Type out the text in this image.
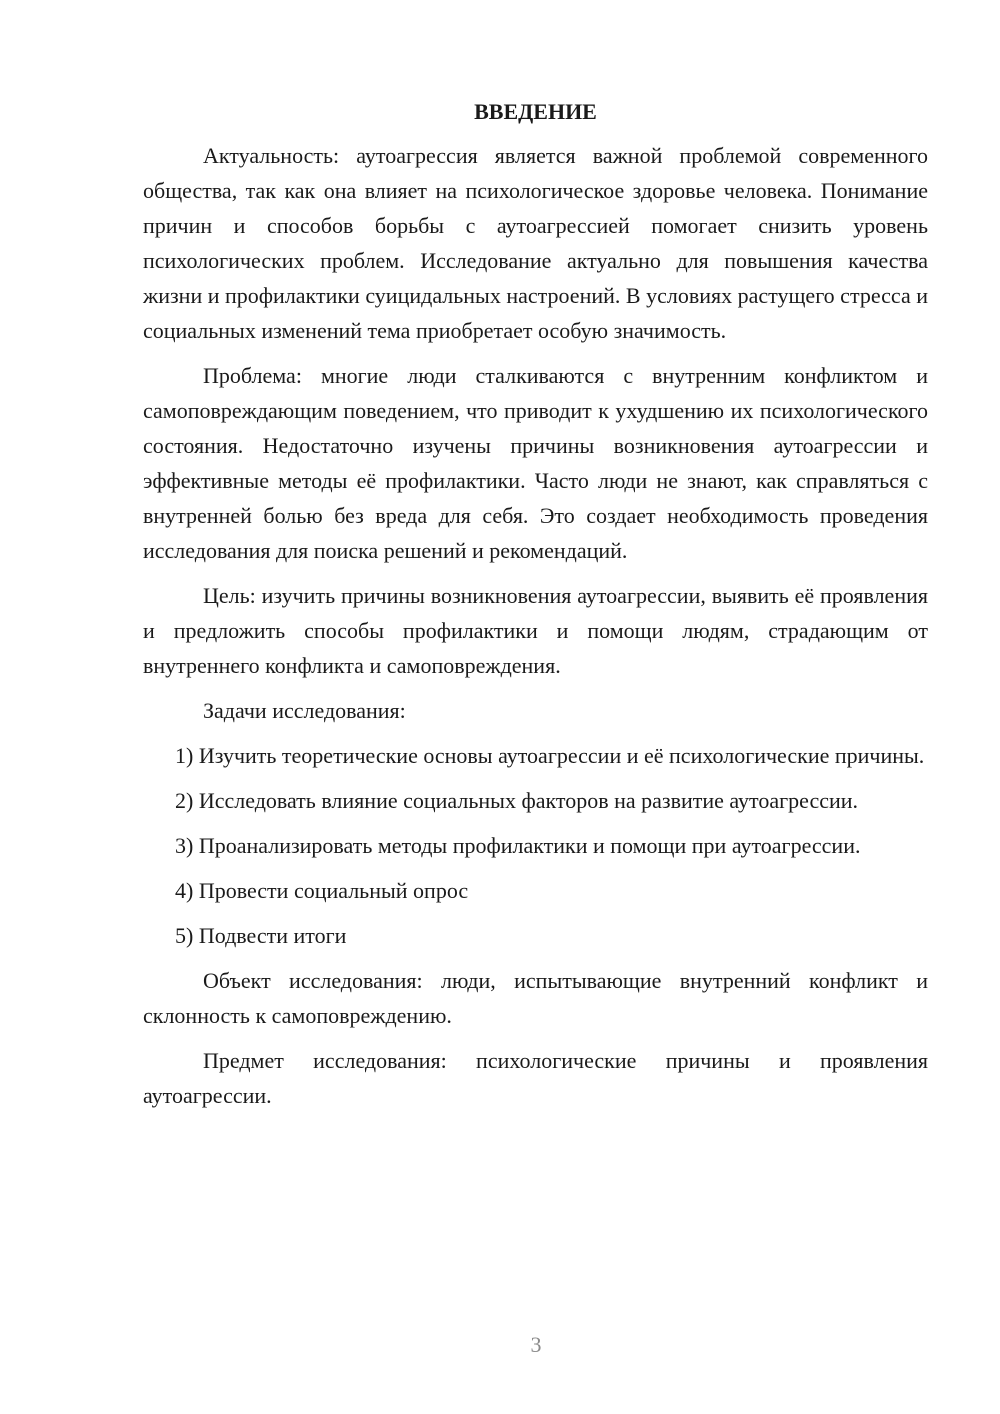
ВВЕДЕНИЕ

Актуальность: аутоагрессия является важной проблемой современного общества, так как она влияет на психологическое здоровье человека. Понимание причин и способов борьбы с аутоагрессией помогает снизить уровень психологических проблем. Исследование актуально для повышения качества жизни и профилактики суицидальных настроений. В условиях растущего стресса и социальных изменений тема приобретает особую значимость.

Проблема: многие люди сталкиваются с внутренним конфликтом и самоповреждающим поведением, что приводит к ухудшению их психологического состояния. Недостаточно изучены причины возникновения аутоагрессии и эффективные методы её профилактики. Часто люди не знают, как справляться с внутренней болью без вреда для себя. Это создает необходимость проведения исследования для поиска решений и рекомендаций.

Цель: изучить причины возникновения аутоагрессии, выявить её проявления и предложить способы профилактики и помощи людям, страдающим от внутреннего конфликта и самоповреждения.

Задачи исследования:

1) Изучить теоретические основы аутоагрессии и её психологические причины.

2) Исследовать влияние социальных факторов на развитие аутоагрессии.

3) Проанализировать методы профилактики и помощи при аутоагрессии.

4) Провести социальный опрос

5) Подвести итоги

Объект исследования: люди, испытывающие внутренний конфликт и склонность к самоповреждению.

Предмет исследования: психологические причины и проявления аутоагрессии.

3
